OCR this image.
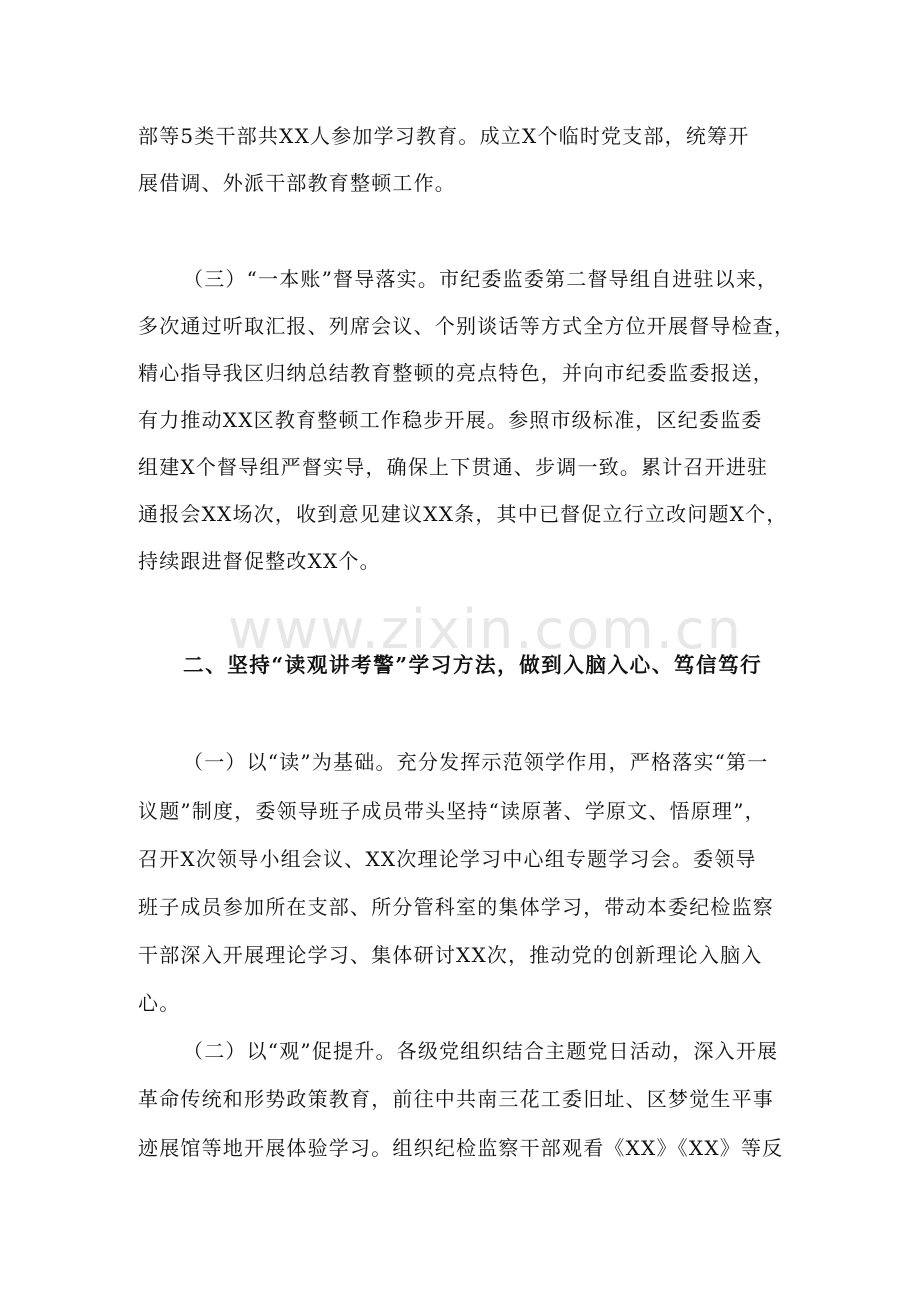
部等5类干部共XX人参加学习教育。成立X个临时党支部，统筹开
展借调、外派干部教育整顿工作。
（三）“一本账”督导落实。市纪委监委第二督导组自进驻以来，
多次通过听取汇报、列席会议、个别谈话等方式全方位开展督导检查，
精心指导我区归纳总结教育整顿的亮点特色，并向市纪委监委报送，
有力推动XX区教育整顿工作稳步开展。参照市级标准，区纪委监委
组建X个督导组严督实导，确保上下贯通、步调一致。累计召开进驻
通报会XX场次，收到意见建议XX条，其中已督促立行立改问题X个，
持续跟进督促整改XX个。
二、坚持“读观讲考警”学习方法，做到入脑入心、笃信笃行
（一）以“读”为基础。充分发挥示范领学作用，严格落实“第一
议题”制度，委领导班子成员带头坚持“读原著、学原文、悟原理”，
召开X次领导小组会议、XX次理论学习中心组专题学习会。委领导
班子成员参加所在支部、所分管科室的集体学习，带动本委纪检监察
干部深入开展理论学习、集体研讨XX次，推动党的创新理论入脑入
心。
（二）以“观”促提升。各级党组织结合主题党日活动，深入开展
革命传统和形势政策教育，前往中共南三花工委旧址、区梦觉生平事
迹展馆等地开展体验学习。组织纪检监察干部观看《XX》《XX》等反
www.zixin.com.cn
